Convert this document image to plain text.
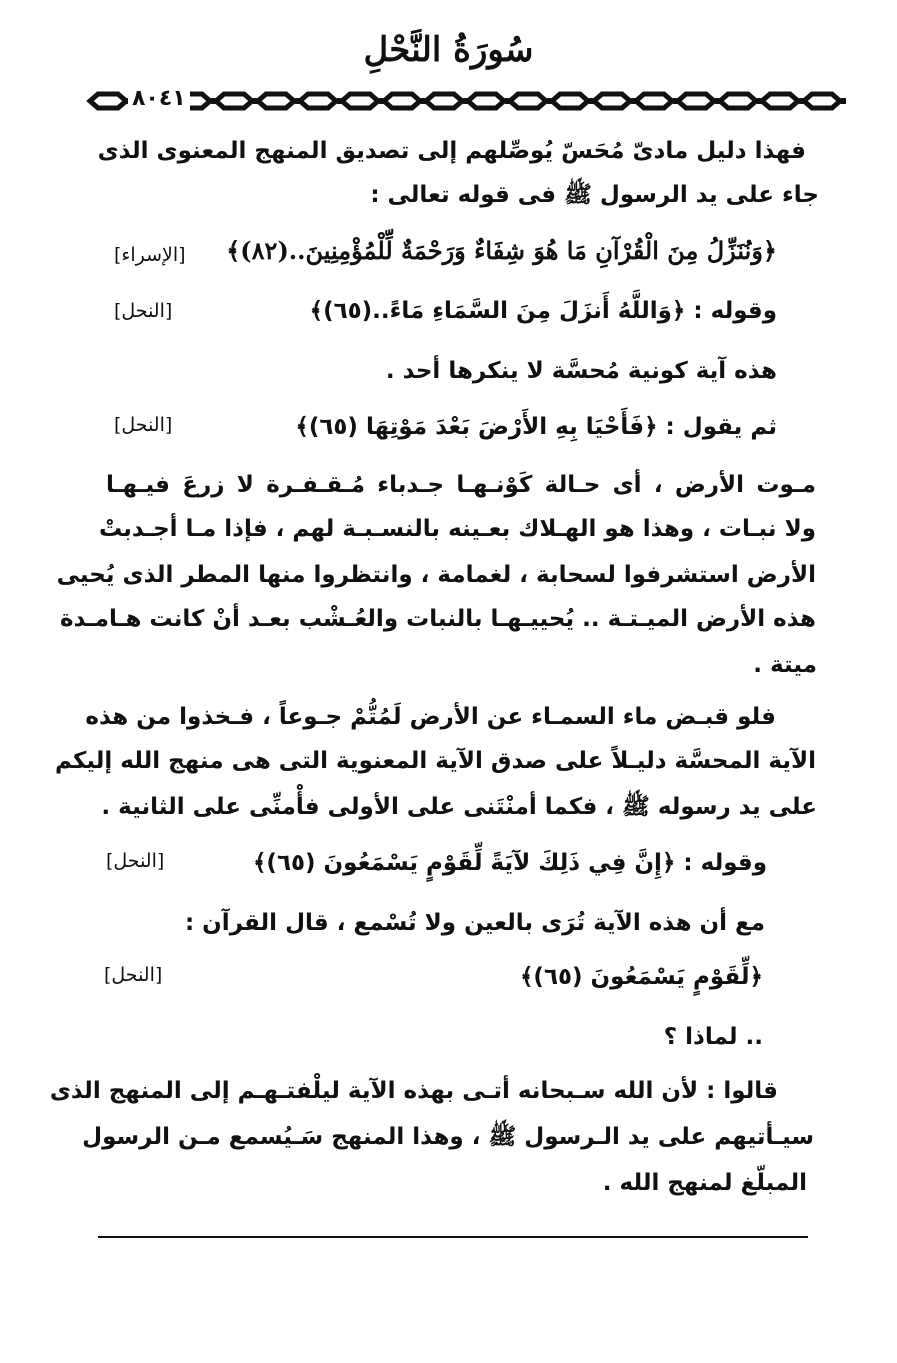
سُورَةُ النَّحْلِ
٨٠٤١
فهذا دليل مادىّ مُحَسّ يُوصِّلهم إلى تصديق المنهج المعنوى الذى
جاء على يد الرسول ﷺ فى قوله تعالى :
﴿وَنُنَزِّلُ مِنَ الْقُرْآنِ مَا هُوَ شِفَاءٌ وَرَحْمَةٌ لِّلْمُؤْمِنِينَ..(٨٢)﴾
[الإسراء]
وقوله : ﴿وَاللَّهُ أَنزَلَ مِنَ السَّمَاءِ مَاءً..(٦٥)﴾
[النحل]
هذه آية كونية مُحسَّة لا ينكرها أحد .
ثم يقول : ﴿فَأَحْيَا بِهِ الأَرْضَ بَعْدَ مَوْتِهَا (٦٥)﴾
[النحل]
مـوت الأرض ، أى حـالة كَوْنـهـا جـدباء مُـقـفـرة لا زرعَ فيـهـا
ولا نبـات ، وهذا هو الهـلاك بعـينه بالنسـبـة لهم ، فإذا مـا أجـدبتْ
الأرض استشرفوا لسحابة ، لغمامة ، وانتظروا منها المطر الذى يُحيى
هذه الأرض الميـتـة .. يُحييـهـا بالنبات والعُـشْب بعـد أنْ كانت هـامـدة
ميتة .
فلو قبـض ماء السمـاء عن الأرض لَمُتُّمْ جـوعاً ، فـخذوا من هذه
الآية المحسَّة دليـلاً على صدق الآية المعنوية التى هى منهج الله إليكم
على يد رسوله ﷺ ، فكما أمنْتَنى على الأولى فأْمنِّى على الثانية .
وقوله : ﴿إِنَّ فِي ذَلِكَ لآيَةً لِّقَوْمٍ يَسْمَعُونَ (٦٥)﴾
[النحل]
مع أن هذه الآية تُرَى بالعين ولا تُسْمع ، قال القرآن :
﴿لِّقَوْمٍ يَسْمَعُونَ (٦٥)﴾
[النحل]
.. لماذا ؟
قالوا : لأن الله سـبحانه أتـى بهذه الآية ليلْفتـهـم إلى المنهج الذى
سيـأتيهم على يد الـرسول ﷺ ، وهذا المنهج سَـيُسمع مـن الرسول
المبلّغ لمنهج الله .
